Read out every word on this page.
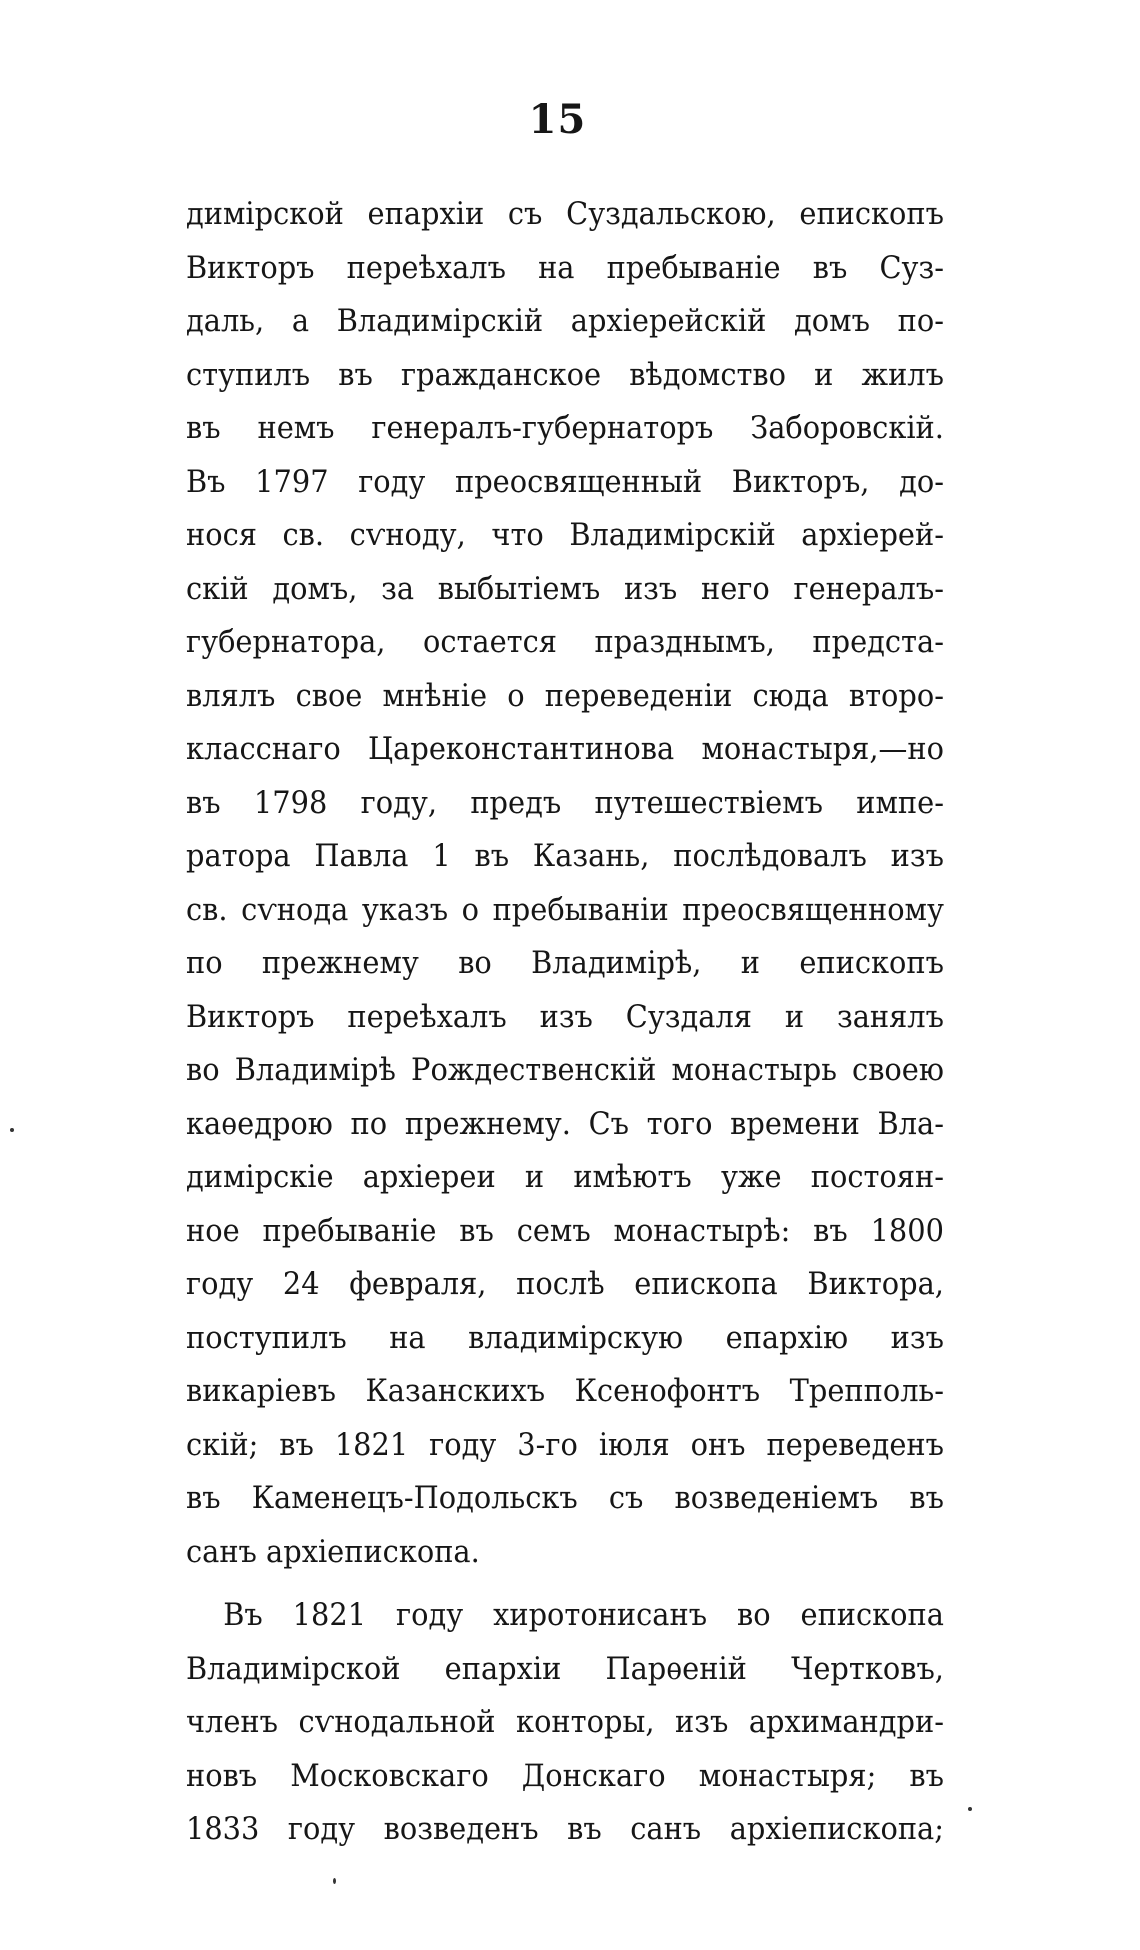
15
димірской епархіи съ Суздальскою, епископъ
Викторъ переѣхалъ на пребываніе въ Суз-
даль, а Владимірскій архіерейскій домъ по-
ступилъ въ гражданское вѣдомство и жилъ
въ немъ генералъ-губернаторъ Заборовскій.
Въ 1797 году преосвященный Викторъ, до-
нося св. сѵноду, что Владимірскій архіерей-
скій домъ, за выбытіемъ изъ него генералъ-
губернатора, остается празднымъ, предста-
влялъ свое мнѣніе о переведеніи сюда второ-
класснаго Цареконстантинова монастыря,—но
въ 1798 году, предъ путешествіемъ импе-
ратора Павла 1 въ Казань, послѣдовалъ изъ
св. сѵнода указъ о пребываніи преосвященному
по прежнему во Владимірѣ, и епископъ
Викторъ переѣхалъ изъ Суздаля и занялъ
во Владимірѣ Рождественскій монастырь своею
каѳедрою по прежнему. Съ того времени Вла-
димірскіе архіереи и имѣютъ уже постоян-
ное пребываніе въ семъ монастырѣ: въ 1800
году 24 февраля, послѣ епископа Виктора,
поступилъ на владимірскую епархію изъ
викаріевъ Казанскихъ Ксенофонтъ Трепполь-
скій; въ 1821 году 3-го іюля онъ переведенъ
въ Каменецъ-Подольскъ съ возведеніемъ въ
санъ архіепископа.
Въ 1821 году хиротонисанъ во епископа
Владимірской епархіи Парѳеній Чертковъ,
членъ сѵнодальной конторы, изъ архимандри-
новъ Московскаго Донскаго монастыря; въ
1833 году возведенъ въ санъ архіепископа;
